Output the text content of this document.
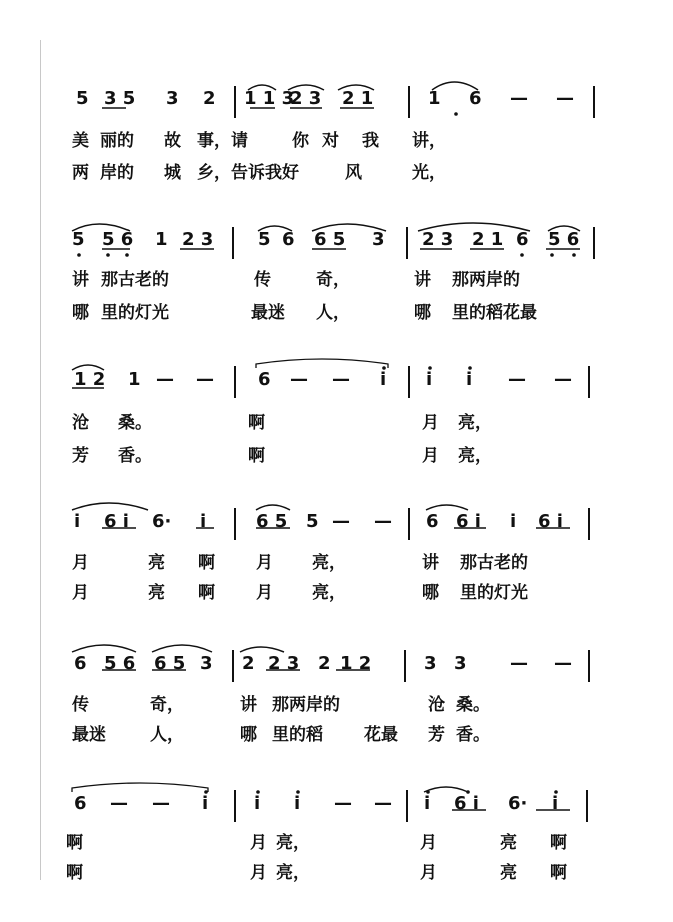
5 3 5 3 2 1 1 3
2 3 2 1	1 6 — —
美 丽的 故 事，请	你 对 我 讲，
两 岸的 城 乡，告诉我好	风	光，
5 5 6 1 2 3 5 6 6 5 3 2 3 2 1 6 5 6
讲 那古老的	传	奇，	讲 那两岸的
哪 里的灯光	最迷 人，	哪 里的稻花最
1 2 1 — — 6 — — i i i — —
沧 桑。	啊	月 亮，
芳 香。	啊	月 亮，
i 6 i 6· i	6 5 5 — — 6 6 i i 6 i
月	亮 啊 月 亮，	讲 那古老的
月	亮 啊 月 亮，	哪 里的灯光
6 5 6 6 5 3 2 2 3 2 1 2	3 3 — —
传	奇，	讲 那两岸的	沧 桑。
最迷	人，	哪 里的稻 花最 芳 香。
6 — — i	i i — — i 6 i 6· i
啊	月 亮，	月	亮 啊
啊	月 亮，	月	亮 啊
